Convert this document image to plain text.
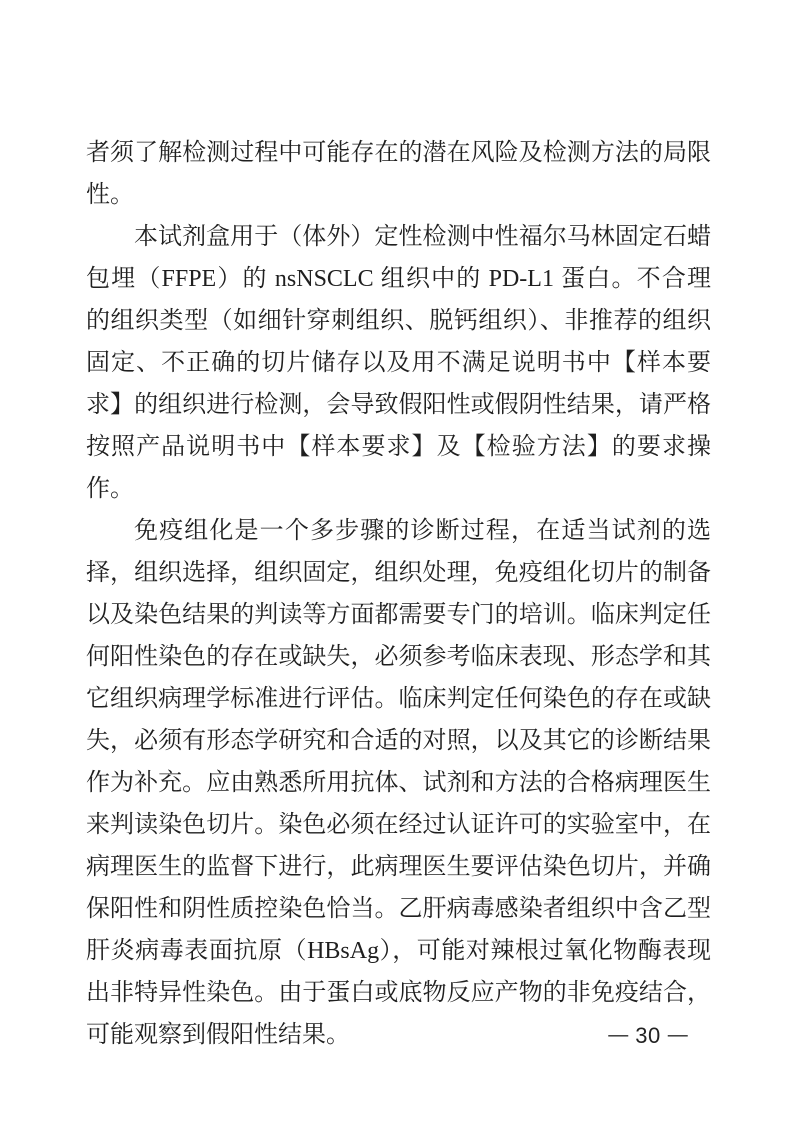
者须了解检测过程中可能存在的潜在风险及检测方法的局限性。

本试剂盒用于（体外）定性检测中性福尔马林固定石蜡包埋（FFPE）的 nsNSCLC 组织中的 PD-L1 蛋白。不合理的组织类型（如细针穿刺组织、脱钙组织）、非推荐的组织固定、不正确的切片储存以及用不满足说明书中【样本要求】的组织进行检测，会导致假阳性或假阴性结果，请严格按照产品说明书中【样本要求】及【检验方法】的要求操作。

免疫组化是一个多步骤的诊断过程，在适当试剂的选择，组织选择，组织固定，组织处理，免疫组化切片的制备以及染色结果的判读等方面都需要专门的培训。临床判定任何阳性染色的存在或缺失，必须参考临床表现、形态学和其它组织病理学标准进行评估。临床判定任何染色的存在或缺失，必须有形态学研究和合适的对照，以及其它的诊断结果作为补充。应由熟悉所用抗体、试剂和方法的合格病理医生来判读染色切片。染色必须在经过认证许可的实验室中，在病理医生的监督下进行，此病理医生要评估染色切片，并确保阳性和阴性质控染色恰当。乙肝病毒感染者组织中含乙型肝炎病毒表面抗原（HBsAg），可能对辣根过氧化物酶表现出非特异性染色。由于蛋白或底物反应产物的非免疫结合，可能观察到假阳性结果。	— 30 —
